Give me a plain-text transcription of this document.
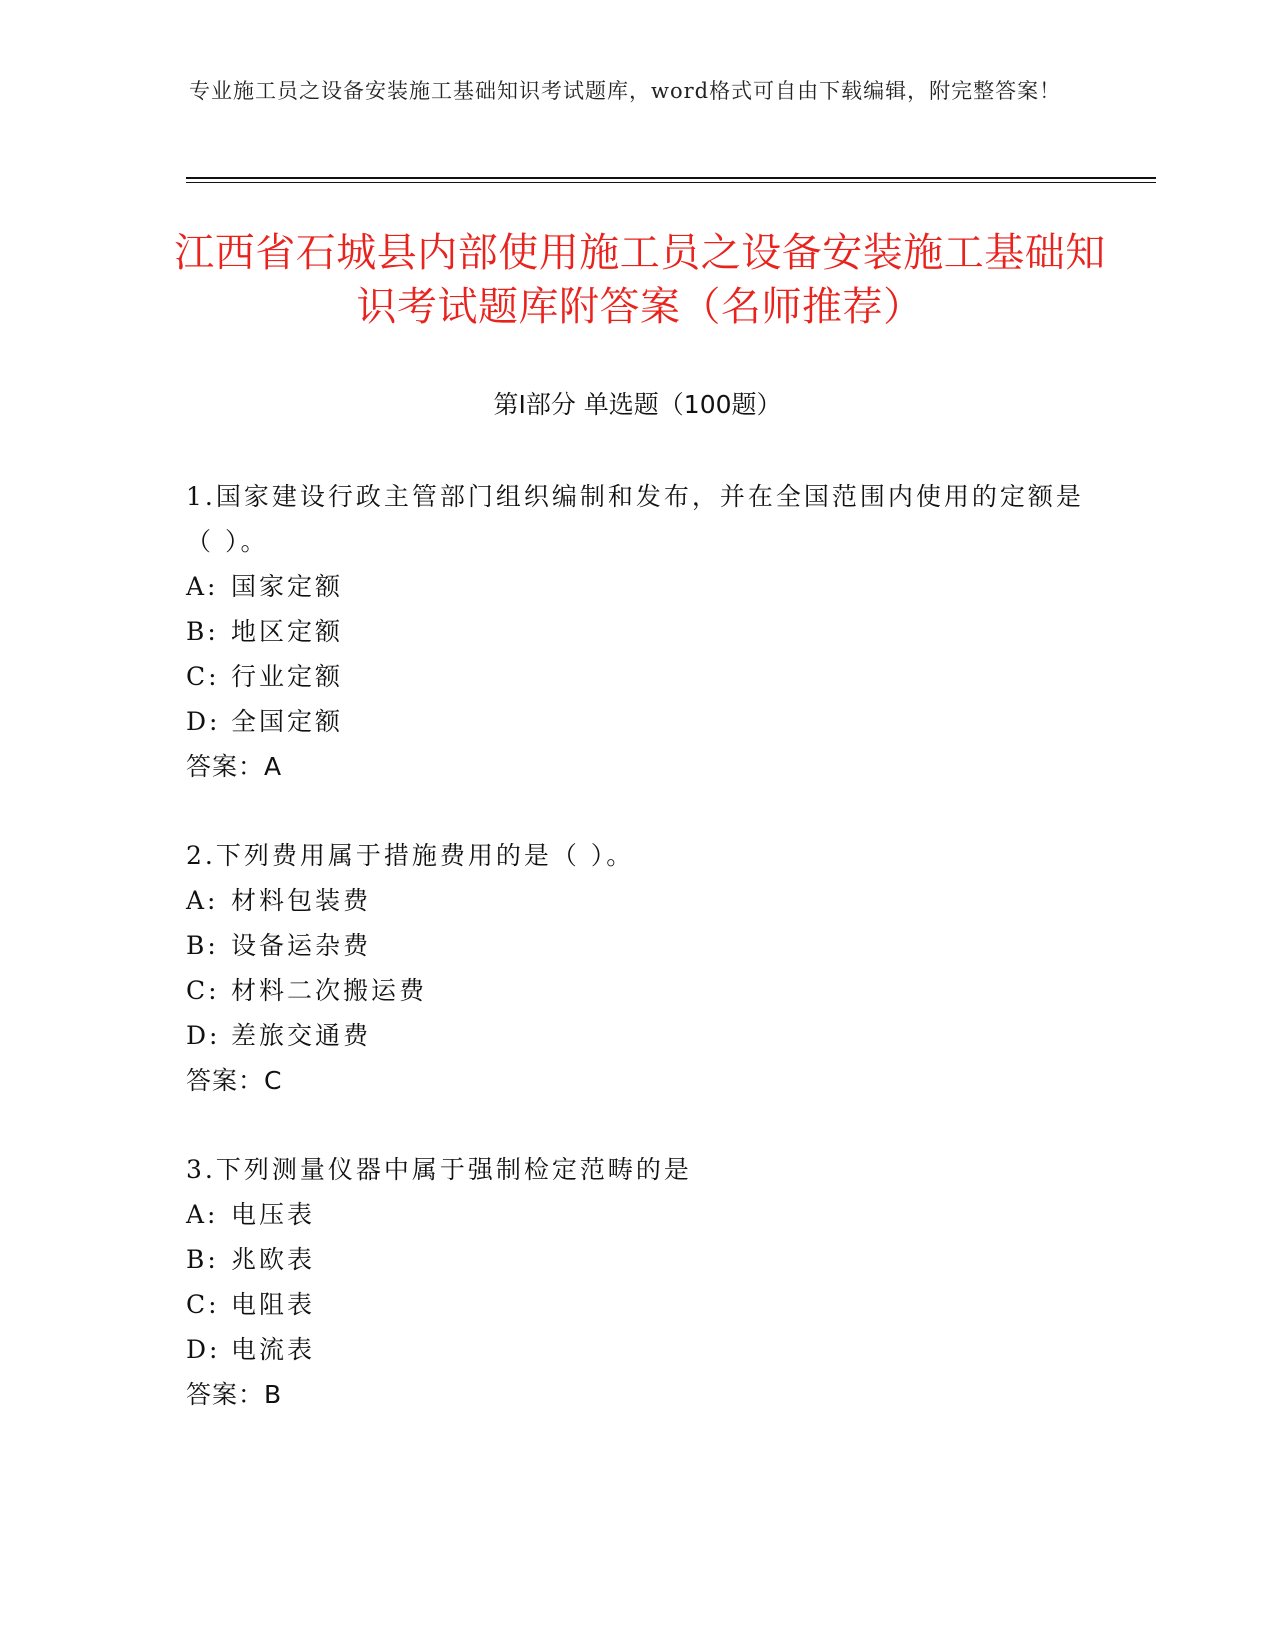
专业施工员之设备安装施工基础知识考试题库，word格式可自由下载编辑，附完整答案！
江西省石城县内部使用施工员之设备安装施工基础知识考试题库附答案（名师推荐）
第Ⅰ部分 单选题（100题）

1.国家建设行政主管部门组织编制和发布，并在全国范围内使用的定额是（ ）。

A: 国家定额
B: 地区定额
C: 行业定额
D: 全国定额

答案：A

2.下列费用属于措施费用的是（ ）。

A: 材料包装费
B: 设备运杂费
C: 材料二次搬运费
D: 差旅交通费

答案：C

3.下列测量仪器中属于强制检定范畴的是

A: 电压表
B: 兆欧表
C: 电阻表
D: 电流表

答案：B
